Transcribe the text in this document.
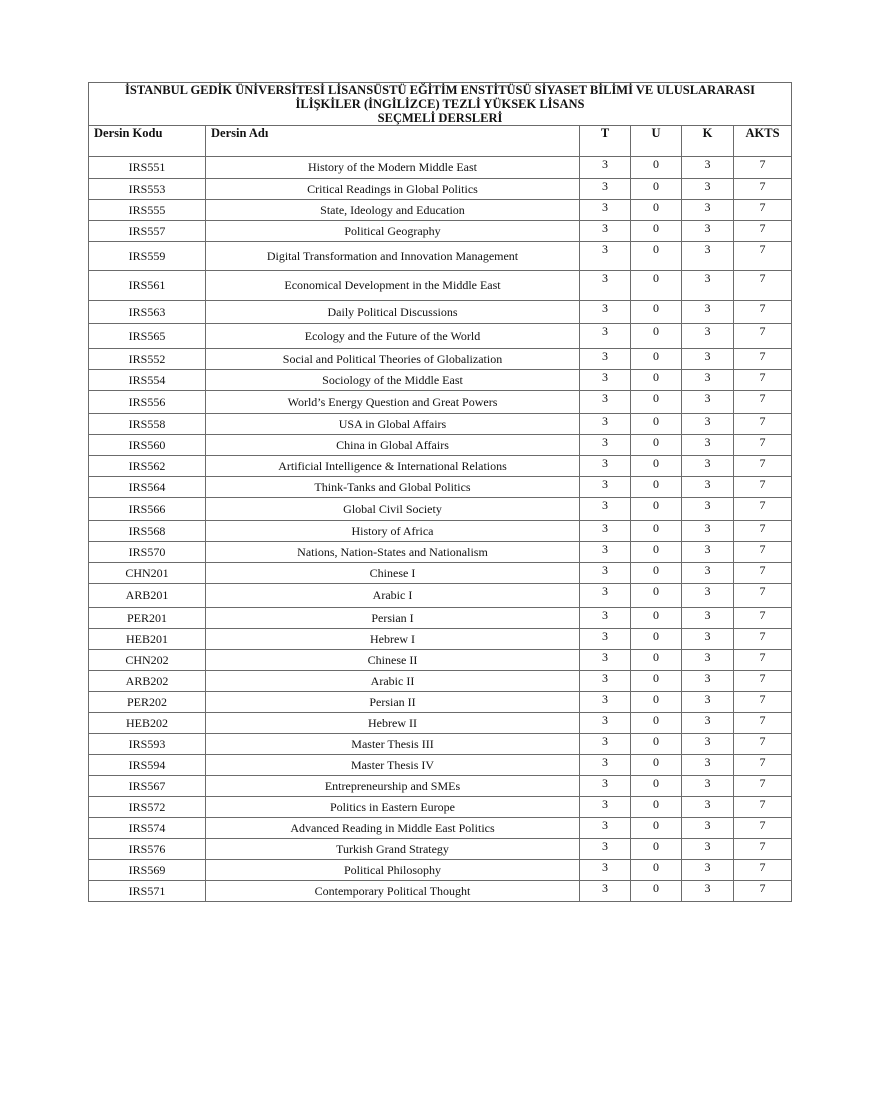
İSTANBUL GEDİK ÜNİVERSİTESİ LİSANSÜSTÜ EĞİTİM ENSTİTÜSÜ SİYASET BİLİMİ VE ULUSLARARASI
İLİŞKİLER (İNGİLİZCE) TEZLİ YÜKSEK LİSANS
SEÇMELİ DERSLERİ					

Dersin Kodu	Dersin Adı	T	U	K	AKTS
IRS551	History of the Modern Middle East	3	0	3	7
IRS553	Critical Readings in Global Politics	3	0	3	7
IRS555	State, Ideology and Education	3	0	3	7
IRS557	Political Geography	3	0	3	7
IRS559	Digital Transformation and Innovation Management	3	0	3	7
IRS561	Economical Development in the Middle East	3	0	3	7
IRS563	Daily Political Discussions	3	0	3	7
IRS565	Ecology and the Future of the World	3	0	3	7
IRS552	Social and Political Theories of Globalization	3	0	3	7
IRS554	Sociology of the Middle East	3	0	3	7
IRS556	World’s Energy Question and Great Powers	3	0	3	7
IRS558	USA in Global Affairs	3	0	3	7
IRS560	China in Global Affairs	3	0	3	7
IRS562	Artificial Intelligence & International Relations	3	0	3	7
IRS564	Think-Tanks and Global Politics	3	0	3	7
IRS566	Global Civil Society	3	0	3	7
IRS568	History of Africa	3	0	3	7
IRS570	Nations, Nation-States and Nationalism	3	0	3	7
CHN201	Chinese I	3	0	3	7
ARB201	Arabic I	3	0	3	7
PER201	Persian I	3	0	3	7
HEB201	Hebrew I	3	0	3	7
CHN202	Chinese II	3	0	3	7
ARB202	Arabic II	3	0	3	7
PER202	Persian II	3	0	3	7
HEB202	Hebrew II	3	0	3	7
IRS593	Master Thesis III	3	0	3	7
IRS594	Master Thesis IV	3	0	3	7
IRS567	Entrepreneurship and SMEs	3	0	3	7
IRS572	Politics in Eastern Europe	3	0	3	7
IRS574	Advanced Reading in Middle East Politics	3	0	3	7
IRS576	Turkish Grand Strategy	3	0	3	7
IRS569	Political Philosophy	3	0	3	7
IRS571	Contemporary Political Thought	3	0	3	7
